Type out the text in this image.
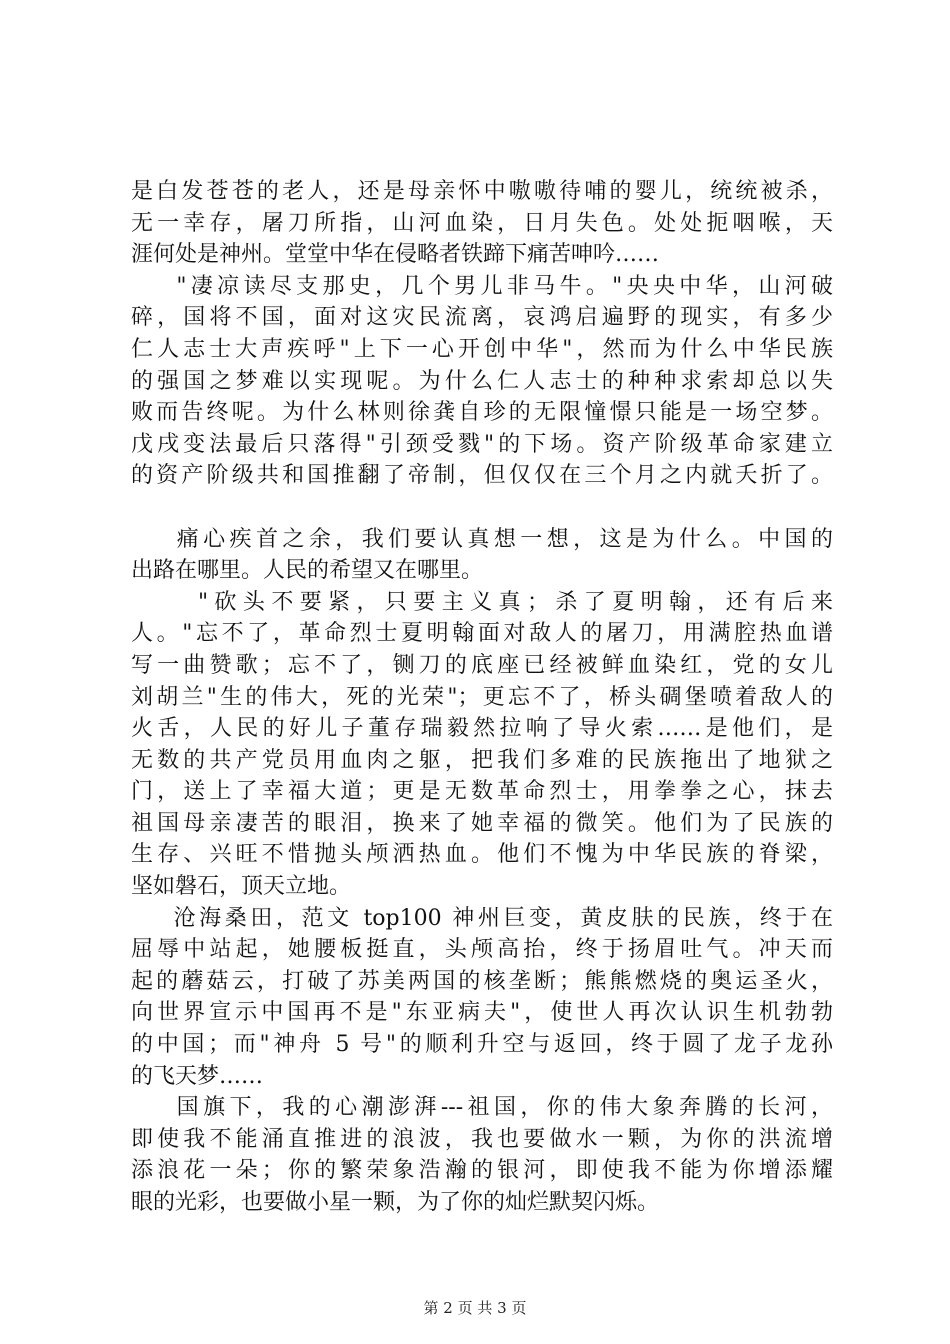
是白发苍苍的老人，还是母亲怀中嗷嗷待哺的婴儿，统统被杀，
无一幸存，屠刀所指，山河血染，日月失色。处处扼咽喉，天
涯何处是神州。堂堂中华在侵略者铁蹄下痛苦呻吟……
"凄凉读尽支那史，几个男儿非马牛。"央央中华，山河破
碎，国将不国，面对这灾民流离，哀鸿启遍野的现实，有多少
仁人志士大声疾呼"上下一心开创中华"，然而为什么中华民族
的强国之梦难以实现呢。为什么仁人志士的种种求索却总以失
败而告终呢。为什么林则徐龚自珍的无限憧憬只能是一场空梦。
戊戌变法最后只落得"引颈受戮"的下场。资产阶级革命家建立
的资产阶级共和国推翻了帝制，但仅仅在三个月之内就夭折了。
痛心疾首之余，我们要认真想一想，这是为什么。中国的
出路在哪里。人民的希望又在哪里。
"砍头不要紧，只要主义真；杀了夏明翰，还有后来
人。"忘不了，革命烈士夏明翰面对敌人的屠刀，用满腔热血谱
写一曲赞歌；忘不了，铡刀的底座已经被鲜血染红，党的女儿
刘胡兰"生的伟大，死的光荣"；更忘不了，桥头碉堡喷着敌人的
火舌，人民的好儿子董存瑞毅然拉响了导火索……是他们，是
无数的共产党员用血肉之躯，把我们多难的民族拖出了地狱之
门，送上了幸福大道；更是无数革命烈士，用拳拳之心，抹去
祖国母亲凄苦的眼泪，换来了她幸福的微笑。他们为了民族的
生存、兴旺不惜抛头颅洒热血。他们不愧为中华民族的脊梁，
坚如磐石，顶天立地。
沧海桑田，范文 top100 神州巨变，黄皮肤的民族，终于在
屈辱中站起，她腰板挺直，头颅高抬，终于扬眉吐气。冲天而
起的蘑菇云，打破了苏美两国的核垄断；熊熊燃烧的奥运圣火，
向世界宣示中国再不是"东亚病夫"，使世人再次认识生机勃勃
的中国；而"神舟 5 号"的顺利升空与返回，终于圆了龙子龙孙
的飞天梦……
国旗下，我的心潮澎湃---祖国，你的伟大象奔腾的长河，
即使我不能涌直推进的浪波，我也要做水一颗，为你的洪流增
添浪花一朵；你的繁荣象浩瀚的银河，即使我不能为你增添耀
眼的光彩，也要做小星一颗，为了你的灿烂默契闪烁。
第 2 页 共 3 页
